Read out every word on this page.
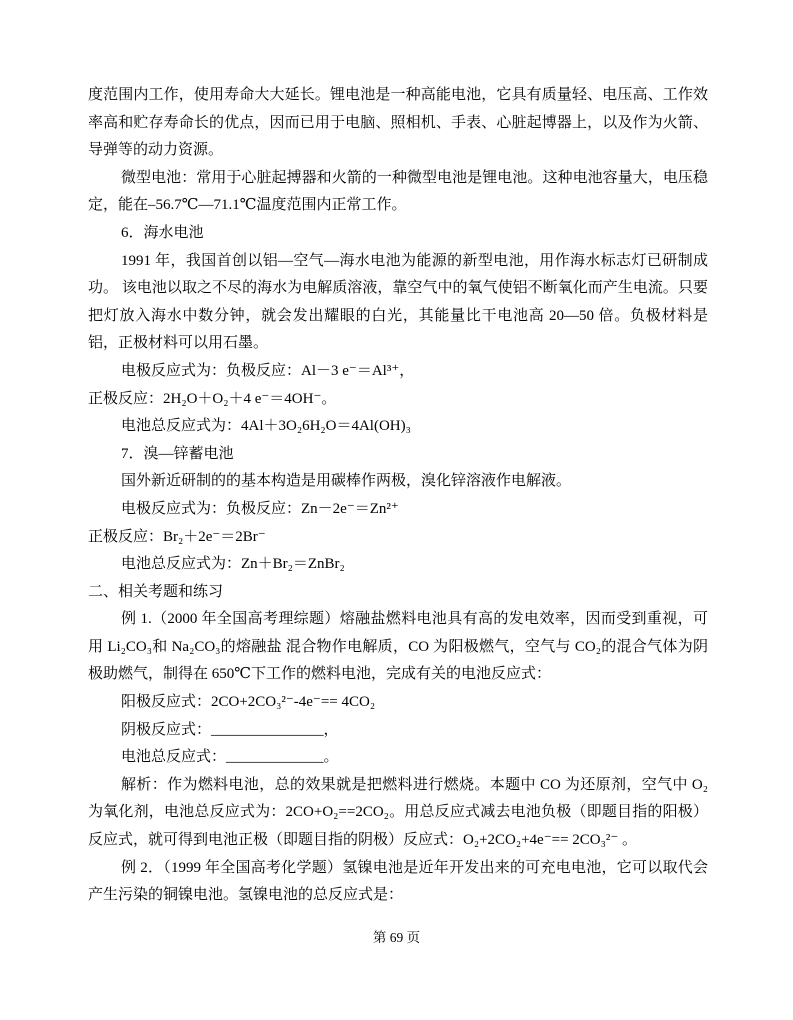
度范围内工作，使用寿命大大延长。锂电池是一种高能电池，它具有质量轻、电压高、工作效率高和贮存寿命长的优点，因而已用于电脑、照相机、手表、心脏起博器上，以及作为火箭、导弹等的动力资源。

微型电池：常用于心脏起搏器和火箭的一种微型电池是锂电池。这种电池容量大，电压稳定，能在–56.7℃—71.1℃温度范围内正常工作。

6．海水电池

1991 年，我国首创以铝—空气—海水电池为能源的新型电池，用作海水标志灯已研制成功。 该电池以取之不尽的海水为电解质溶液，靠空气中的氧气使铝不断氧化而产生电流。只要把灯放入海水中数分钟，就会发出耀眼的白光，其能量比干电池高 20—50 倍。负极材料是铝，正极材料可以用石墨。

电极反应式为：负极反应：Al－3 e⁻＝Al³⁺，

正极反应：2H₂O＋O₂＋4 e⁻＝4OH⁻。

电池总反应式为：4Al＋3O₂6H₂O＝4Al(OH)₃

7．溴—锌蓄电池

国外新近研制的的基本构造是用碳棒作两极，溴化锌溶液作电解液。

电极反应式为：负极反应：Zn－2e⁻＝Zn²⁺

正极反应：Br₂＋2e⁻＝2Br⁻

电池总反应式为：Zn＋Br₂＝ZnBr₂

二、相关考题和练习

例 1.（2000 年全国高考理综题）熔融盐燃料电池具有高的发电效率，因而受到重视，可用 Li₂CO₃和 Na₂CO₃的熔融盐 混合物作电解质，CO 为阳极燃气，空气与 CO₂的混合气体为阴极助燃气，制得在 650℃下工作的燃料电池，完成有关的电池反应式：

阳极反应式：2CO+2CO₃²⁻-4e⁻== 4CO₂

阴极反应式：_______________，

电池总反应式：_____________。

解析：作为燃料电池，总的效果就是把燃料进行燃烧。本题中 CO 为还原剂，空气中 O₂为氧化剂，电池总反应式为：2CO+O₂==2CO₂。用总反应式减去电池负极（即题目指的阳极）反应式，就可得到电池正极（即题目指的阴极）反应式：O₂+2CO₂+4e⁻== 2CO₃²⁻ 。

例 2．（1999 年全国高考化学题）氢镍电池是近年开发出来的可充电电池，它可以取代会产生污染的铜镍电池。氢镍电池的总反应式是：

第 69 页
